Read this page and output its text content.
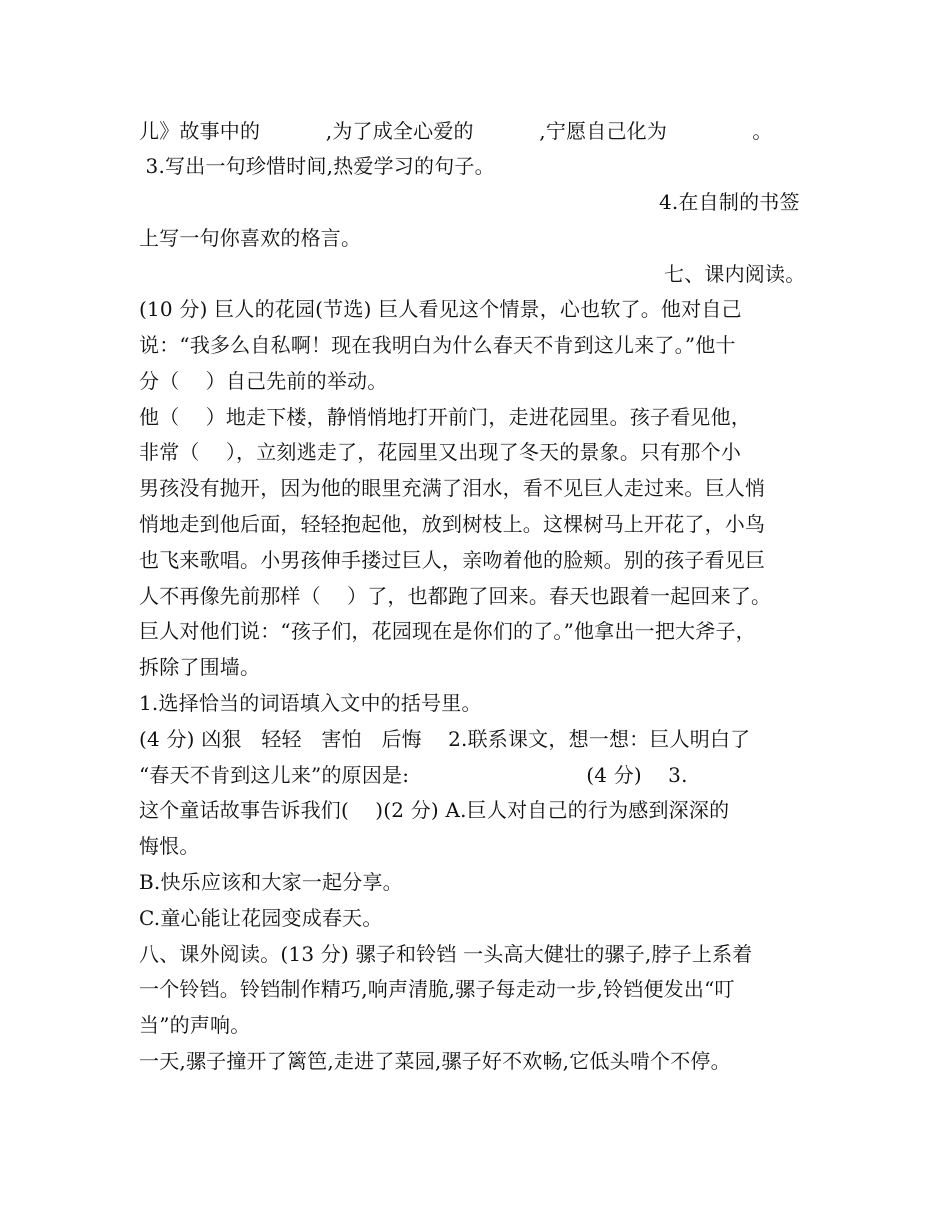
儿》故事中的          ,为了成全心爱的          ,宁愿自己化为             。
3.写出一句珍惜时间,热爱学习的句子。
4.在自制的书签
上写一句你喜欢的格言。
七、课内阅读。
(10 分) 巨人的花园(节选) 巨人看见这个情景，心也软了。他对自己
说：“我多么自私啊！现在我明白为什么春天不肯到这儿来了。”他十
分（    ）自己先前的举动。
他（    ）地走下楼，静悄悄地打开前门，走进花园里。孩子看见他，
非常（    ），立刻逃走了，花园里又出现了冬天的景象。只有那个小
男孩没有抛开，因为他的眼里充满了泪水，看不见巨人走过来。巨人悄
悄地走到他后面，轻轻抱起他，放到树枝上。这棵树马上开花了，小鸟
也飞来歌唱。小男孩伸手搂过巨人，亲吻着他的脸颊。别的孩子看见巨
人不再像先前那样（    ）了，也都跑了回来。春天也跟着一起回来了。
巨人对他们说：“孩子们，花园现在是你们的了。”他拿出一把大斧子，
拆除了围墙。
1.选择恰当的词语填入文中的括号里。
(4 分) 凶狠   轻轻   害怕   后悔    2.联系课文，想一想：巨人明白了
“春天不肯到这儿来”的原因是:                           (4 分)    3.
这个童话故事告诉我们(    )(2 分) A.巨人对自己的行为感到深深的
悔恨。
B.快乐应该和大家一起分享。
C.童心能让花园变成春天。
八、课外阅读。(13 分) 骡子和铃铛 一头高大健壮的骡子,脖子上系着
一个铃铛。铃铛制作精巧,响声清脆,骡子每走动一步,铃铛便发出“叮
当”的声响。
一天,骡子撞开了篱笆,走进了菜园,骡子好不欢畅,它低头啃个不停。
